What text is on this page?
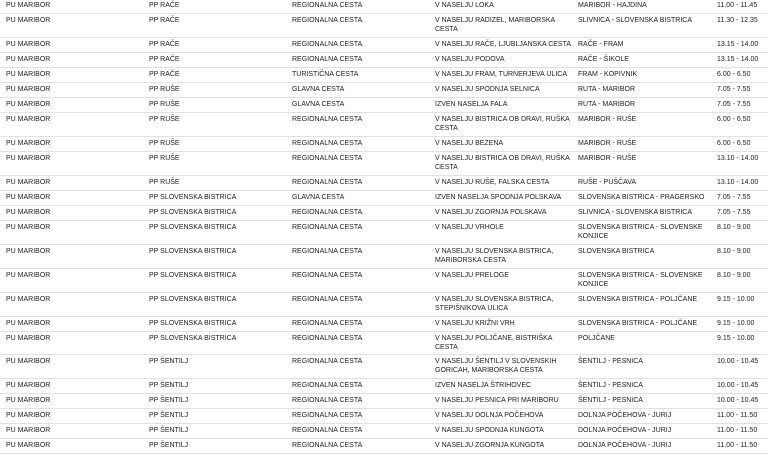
PU MARIBOR	PP RAČE	REGIONALNA CESTA	V NASELJU LOKA	MARIBOR - HAJDINA	11.00 - 11.45
PU MARIBOR	PP RAČE	REGIONALNA CESTA	V NASELJU RADIZEL, MARIBORSKA CESTA	SLIVNICA - SLOVENSKA BISTRICA	11.30 - 12.35
PU MARIBOR	PP RAČE	REGIONALNA CESTA	V NASELJU RAČE, LJUBLJANSKA CESTA	RAČE - FRAM	13.15 - 14.00
PU MARIBOR	PP RAČE	REGIONALNA CESTA	V NASELJU PODOVA	RAČE - ŠIKOLE	13.15 - 14.00
PU MARIBOR	PP RAČE	TURISTIČNA CESTA	V NASELJU FRAM, TURNERJEVA ULICA	FRAM - KOPIVNIK	6.00 - 6.50
PU MARIBOR	PP RUŠE	GLAVNA CESTA	V NASELJU SPODNJA SELNICA	RUTA - MARIBOR	7.05 - 7.55
PU MARIBOR	PP RUŠE	GLAVNA CESTA	IZVEN NASELJA FALA	RUTA - MARIBOR	7.05 - 7.55
PU MARIBOR	PP RUŠE	REGIONALNA CESTA	V NASELJU BISTRICA OB DRAVI, RUŠKA CESTA	MARIBOR - RUŠE	6.00 - 6.50
PU MARIBOR	PP RUŠE	REGIONALNA CESTA	V NASELJU BEZENA	MARIBOR - RUŠE	6.00 - 6.50
PU MARIBOR	PP RUŠE	REGIONALNA CESTA	V NASELJU BISTRICA OB DRAVI, RUŠKA CESTA	MARIBOR - RUŠE	13.10 - 14.00
PU MARIBOR	PP RUŠE	REGIONALNA CESTA	V NASELJU RUŠE, FALSKA CESTA	RUŠE - PUŠČAVA	13.10 - 14.00
PU MARIBOR	PP SLOVENSKA BISTRICA	GLAVNA CESTA	IZVEN NASELJA SPODNJA POLSKAVA	SLOVENSKA BISTRICA - PRAGERSKO	7.05 - 7.55
PU MARIBOR	PP SLOVENSKA BISTRICA	REGIONALNA CESTA	V NASELJU ZGORNJA POLSKAVA	SLIVNICA - SLOVENSKA BISTRICA	7.05 - 7.55
PU MARIBOR	PP SLOVENSKA BISTRICA	REGIONALNA CESTA	V NASELJU VRHOLE	SLOVENSKA BISTRICA - SLOVENSKE KONJICE	8.10 - 9.00
PU MARIBOR	PP SLOVENSKA BISTRICA	REGIONALNA CESTA	V NASELJU SLOVENSKA BISTRICA, MARIBORSKA CESTA	SLOVENSKA BISTRICA	8.10 - 9.00
PU MARIBOR	PP SLOVENSKA BISTRICA	REGIONALNA CESTA	V NASELJU PRELOGE	SLOVENSKA BISTRICA - SLOVENSKE KONJICE	8.10 - 9.00
PU MARIBOR	PP SLOVENSKA BISTRICA	REGIONALNA CESTA	V NASELJU SLOVENSKA BISTRICA, STEPIŠNIKOVA ULICA	SLOVENSKA BISTRICA - POLJČANE	9.15 - 10.00
PU MARIBOR	PP SLOVENSKA BISTRICA	REGIONALNA CESTA	V NASELJU KRIŽNI VRH	SLOVENSKA BISTRICA - POLJČANE	9.15 - 10.00
PU MARIBOR	PP SLOVENSKA BISTRICA	REGIONALNA CESTA	V NASELJU POLJČANE, BISTRIŠKA CESTA	POLJČANE	9.15 - 10.00
PU MARIBOR	PP ŠENTILJ	REGIONALNA CESTA	V NASELJU ŠENTILJ V SLOVENSKIH GORICAH, MARIBORSKA CESTA	ŠENTILJ - PESNICA	10.00 - 10.45
PU MARIBOR	PP ŠENTILJ	REGIONALNA CESTA	IZVEN NASELJA ŠTRIHOVEC	ŠENTILJ - PESNICA	10.00 - 10.45
PU MARIBOR	PP ŠENTILJ	REGIONALNA CESTA	V NASELJU PESNICA PRI MARIBORU	ŠENTILJ - PESNICA	10.00 - 10.45
PU MARIBOR	PP ŠENTILJ	REGIONALNA CESTA	V NASELJU DOLNJA POČEHOVA	DOLNJA POČEHOVA - JURIJ	11.00 - 11.50
PU MARIBOR	PP ŠENTILJ	REGIONALNA CESTA	V NASELJU SPODNJA KUNGOTA	DOLNJA POČEHOVA - JURIJ	11.00 - 11.50
PU MARIBOR	PP ŠENTILJ	REGIONALNA CESTA	V NASELJU ZGORNJA KUNGOTA	DOLNJA POČEHOVA - JURIJ	11.00 - 11.50
